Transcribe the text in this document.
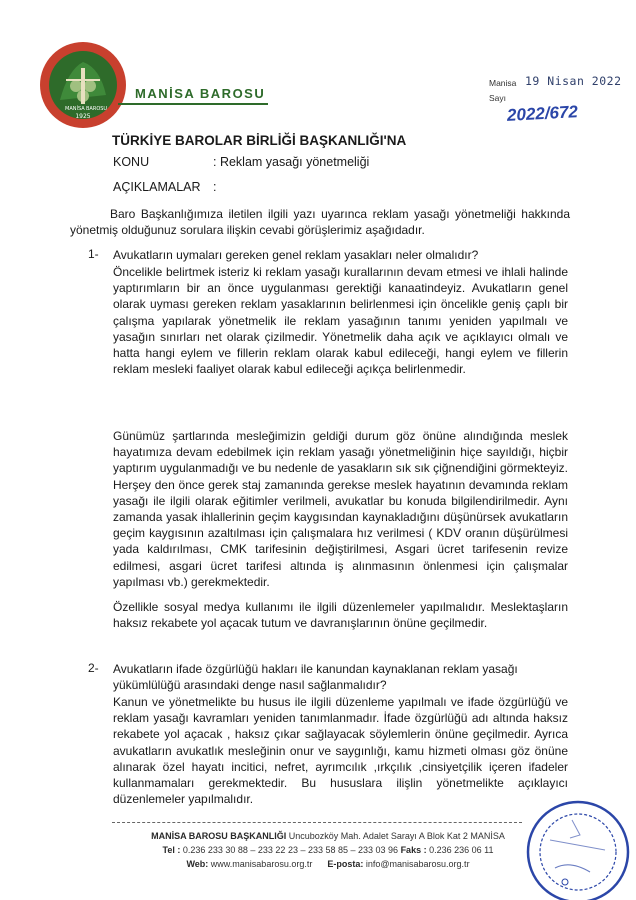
1925
MANİSA BAROSU
MANİSA BAROSU
Manisa
Sayı
19 Nisan 2022
2022/672
TÜRKİYE BAROLAR BİRLİĞİ BAŞKANLIĞI'NA
KONU	: Reklam yasağı yönetmeliği
AÇIKLAMALAR :
Baro Başkanlığımıza iletilen ilgili yazı uyarınca reklam yasağı yönetmeliği hakkında yönetmiş olduğunuz sorulara ilişkin cevabi görüşlerimiz aşağıdadır.
1- Avukatların uymaları gereken genel reklam yasakları neler olmalıdır?
Öncelikle belirtmek isteriz ki reklam yasağı kurallarının devam etmesi ve ihlali halinde yaptırımların bir an önce uygulanması gerektiği kanaatindeyiz. Avukatların genel olarak uyması gereken reklam yasaklarının belirlenmesi için öncelikle geniş çaplı bir çalışma yapılarak yönetmelik ile reklam yasağının tanımı yeniden yapılmalı ve yasağın sınırları net olarak çizilmedir. Yönetmelik daha açık ve açıklayıcı olmalı ve hatta hangi eylem ve fillerin reklam olarak kabul edileceği, hangi eylem ve fillerin reklam mesleki faaliyet olarak kabul edileceği açıkça belirlenmedir.
Günümüz şartlarında mesleğimizin geldiği durum göz önüne alındığında meslek hayatımıza devam edebilmek için reklam yasağı yönetmeliğinin hiçe sayıldığı, hiçbir yaptırım uygulanmadığı ve bu nedenle de yasakların sık sık çiğnendiğini görmekteyiz. Herşey den önce gerek staj zamanında gerekse meslek hayatının devamında reklam yasağı ile ilgili olarak eğitimler verilmeli, avukatlar bu konuda bilgilendirilmedir. Aynı zamanda yasak ihlallerinin geçim kaygısından kaynakladığını düşünürsek avukatların geçim kaygısının azaltılması için çalışmalara hız verilmesi ( KDV oranın düşürülmesi yada kaldırılması, CMK tarifesinin değiştirilmesi, Asgari ücret tarifesenin revize edilmesi, asgari ücret tarifesi altında iş alınmasının önlenmesi için çalışmalar yapılması vb.) gerekmektedir.
Özellikle sosyal medya kullanımı ile ilgili düzenlemeler yapılmalıdır. Meslektaşların haksız rekabete yol açacak tutum ve davranışlarının önüne geçilmedir.
2- Avukatların ifade özgürlüğü hakları ile kanundan kaynaklanan reklam yasağı yükümlülüğü arasındaki denge nasıl sağlanmalıdır?
Kanun ve yönetmelikte bu husus ile ilgili düzenleme yapılmalı ve ifade özgürlüğü ve reklam yasağı kavramları yeniden tanımlanmadır. İfade özgürlüğü adı altında haksız rekabete yol açacak , haksız çıkar sağlayacak söylemlerin önüne geçilmedir. Ayrıca avukatların avukatlık mesleğinin onur ve saygınlığı, kamu hizmeti olması göz önüne alınarak özel hayatı incitici, nefret, ayrımcılık ,ırkçılık ,cinsiyetçilik içeren ifadeler kullanmamaları gerekmektedir. Bu hususlara ilişlin yönetmelikte açıklayıcı düzenlemeler yapılmalıdır.
MANİSA BAROSU BAŞKANLIĞI Uncubozköy Mah. Adalet Sarayı A Blok Kat 2 MANİSA
Tel : 0.236 233 30 88 – 233 22 23 – 233 58 85 – 233 03 96 Faks : 0.236 236 06 11
Web: www.manisabarosu.org.tr E-posta: info@manisabarosu.org.tr
